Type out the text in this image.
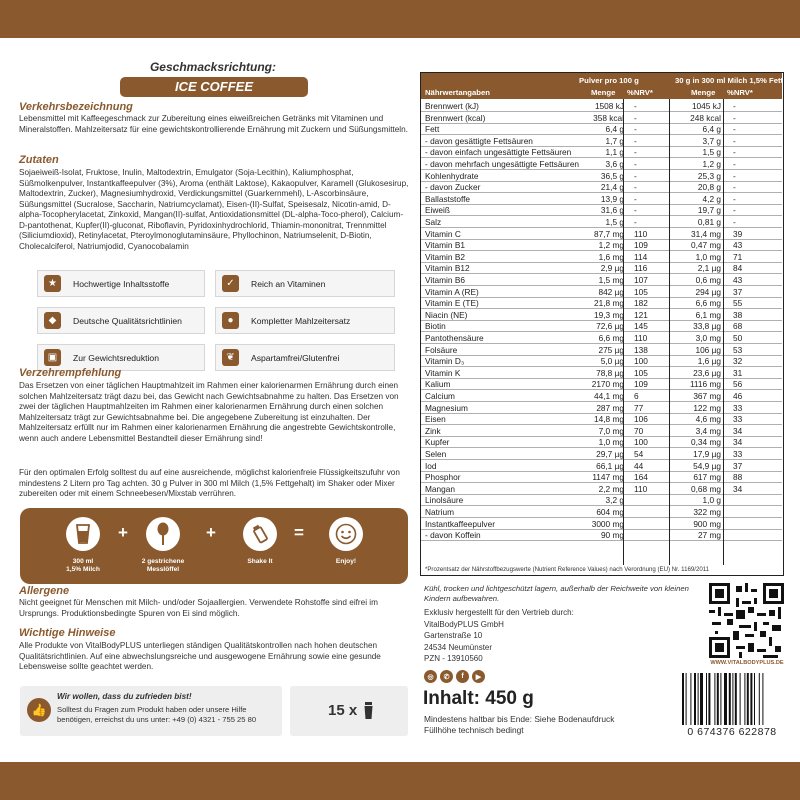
Geschmacksrichtung:
ICE COFFEE
Verkehrsbezeichnung
Lebensmittel mit Kaffeegeschmack zur Zubereitung eines eiweißreichen Getränks mit Vitaminen und Mineralstoffen. Mahlzeitersatz für eine gewichtskontrollierende Ernährung mit Zuckern und Süßungsmitteln.
Zutaten
Sojaeiweiß-Isolat, Fruktose, Inulin, Maltodextrin, Emulgator (Soja-Lecithin), Kaliumphosphat, Süßmolkenpulver, Instantkaffeepulver (3%), Aroma (enthält Laktose), Kakaopulver, Karamell (Glukosesirup, Maltodextrin, Zucker), Magnesiumhydroxid, Verdickungsmittel (Guarkernmehl), L-Ascorbinsäure, Süßungsmittel (Sucralose, Saccharin, Natriumcyclamat), Eisen-(II)-Sulfat, Speisesalz, Nicotin-amid, D-alpha-Tocopherylacetat, Zinkoxid, Mangan(II)-sulfat, Antioxidationsmittel (DL-alpha-Toco-pherol), Calcium-D-pantothenat, Kupfer(II)-gluconat, Riboflavin, Pyridoxinhydrochlorid, Thiamin-mononitrat, Trennmittel (Siliciumdioxid), Retinylacetat, Pteroylmonoglutaminsäure, Phyllochinon, Natriumselenit, D-Biotin, Cholecalciferol, Natriumjodid, Cyanocobalamin
★	Hochwertige Inhaltsstoffe	✓	Reich an Vitaminen
◆	Deutsche Qualitätsrichtlinien	●	Kompletter Mahlzeitersatz
▣	Zur Gewichtsreduktion	❦	Aspartamfrei/Glutenfrei
Verzehrempfehlung
Das Ersetzen von einer täglichen Hauptmahlzeit im Rahmen einer kalorienarmen Ernährung durch einen solchen Mahlzeitersatz trägt dazu bei, das Gewicht nach Gewichtsabnahme zu halten. Das Ersetzen von zwei der täglichen Hauptmahlzeiten im Rahmen einer kalorienarmen Ernährung durch einen solchen Mahlzeitersatz trägt zur Gewichtsabnahme bei. Die angegebene Zubereitung ist einzuhalten. Der Mahlzeitersatz erfüllt nur im Rahmen einer kalorienarmen Ernährung die angestrebte Gewichtskontrolle, wenn auch andere Lebensmittel Bestandteil dieser Ernährung sind!
Für den optimalen Erfolg solltest du auf eine ausreichende, möglichst kalorienfreie Flüssigkeitszufuhr von mindestens 2 Litern pro Tag achten. 30 g Pulver in 300 ml Milch (1,5% Fettgehalt) im Shaker oder Mixer zubereiten oder mit einem Schneebesen/Mixstab verrühren.
+	+	=
300 ml
1,5% Milch
2 gestrichene
Messlöffel
Shake It	Enjoy!
Allergene
Nicht geeignet für Menschen mit Milch- und/oder Sojaallergien. Verwendete Rohstoffe sind eifrei im Ursprungs. Produktionsbedingte Spuren von Ei sind möglich.
Wichtige Hinweise
Alle Produkte von VitalBodyPLUS unterliegen ständigen Qualitätskontrollen nach hohen deutschen Qualitätsrichtlinien. Auf eine abwechslungsreiche und ausgewogene Ernährung sowie eine gesunde Lebensweise sollte geachtet werden.
👍
Wir wollen, dass du zufrieden bist!
Solltest du Fragen zum Produkt haben oder unsere Hilfe benötigen, erreichst du uns unter: +49 (0) 4321 - 755 25 80
15 x
Pulver pro 100 g	30 g in 300 ml Milch 1,5% Fett
Nährwertangaben	Menge %NRV*	Menge %NRV*
Brennwert (kJ)	1508 kJ -	1045 kJ -
Brennwert (kcal)	358 kcal -	248 kcal -
Fett	6,4 g -	6,4 g -
- davon gesättigte Fettsäuren	1,7 g -	3,7 g -
- davon einfach ungesättigte Fettsäuren	1,1 g -	1,5 g -
- davon mehrfach ungesättigte Fettsäuren	3,6 g -	1,2 g -
Kohlenhydrate	36,5 g -	25,3 g -
- davon Zucker	21,4 g -	20,8 g -
Ballaststoffe	13,9 g -	4,2 g -
Eiweiß	31,6 g -	19,7 g -
Salz	1,5 g -	0,81 g -
Vitamin C	87,7 mg 110	31,4 mg 39
Vitamin B1	1,2 mg 109	0,47 mg 43
Vitamin B2	1,6 mg 114	1,0 mg 71
Vitamin B12	2,9 µg 116	2,1 µg 84
Vitamin B6	1,5 mg 107	0,6 mg 43
Vitamin A (RE)	842 µg 105	294 µg 37
Vitamin E (TE)	21,8 mg 182	6,6 mg 55
Niacin (NE)	19,3 mg 121	6,1 mg 38
Biotin	72,6 µg 145	33,8 µg 68
Pantothensäure	6,6 mg 110	3,0 mg 50
Folsäure	275 µg 138	106 µg 53
Vitamin D₃	5,0 µg 100	1,6 µg 32
Vitamin K	78,8 µg 105	23,6 µg 31
Kalium	2170 mg 109	1116 mg 56
Calcium	44,1 mg 6	367 mg 46
Magnesium	287 mg 77	122 mg 33
Eisen	14,8 mg 106	4,6 mg 33
Zink	7,0 mg 70	3,4 mg 34
Kupfer	1,0 mg 100	0,34 mg 34
Selen	29,7 µg 54	17,9 µg 33
Iod	66,1 µg 44	54,9 µg 37
Phosphor	1147 mg 164	617 mg 88
Mangan	2,2 mg 110	0,68 mg 34
Linolsäure	3,2 g	1,0 g
Natrium	604 mg	322 mg
Instantkaffeepulver	3000 mg	900 mg
- davon Koffein	90 mg	27 mg
*Prozentsatz der Nährstoffbezugswerte (Nutrient Reference Values) nach Verordnung (EU) Nr. 1169/2011
Kühl, trocken und lichtgeschützt lagern, außerhalb der Reichweite von kleinen Kindern aufbewahren.
Exklusiv hergestellt für den Vertrieb durch:
VitalBodyPLUS GmbH
Gartenstraße 10
24534 Neumünster
PZN - 13910560	WWW.VITALBODYPLUS.DE
◎	✆	f	▶
Inhalt: 450 g
Mindestens haltbar bis Ende: Siehe Bodenaufdruck
Füllhöhe technisch bedingt	0 674376 622878
